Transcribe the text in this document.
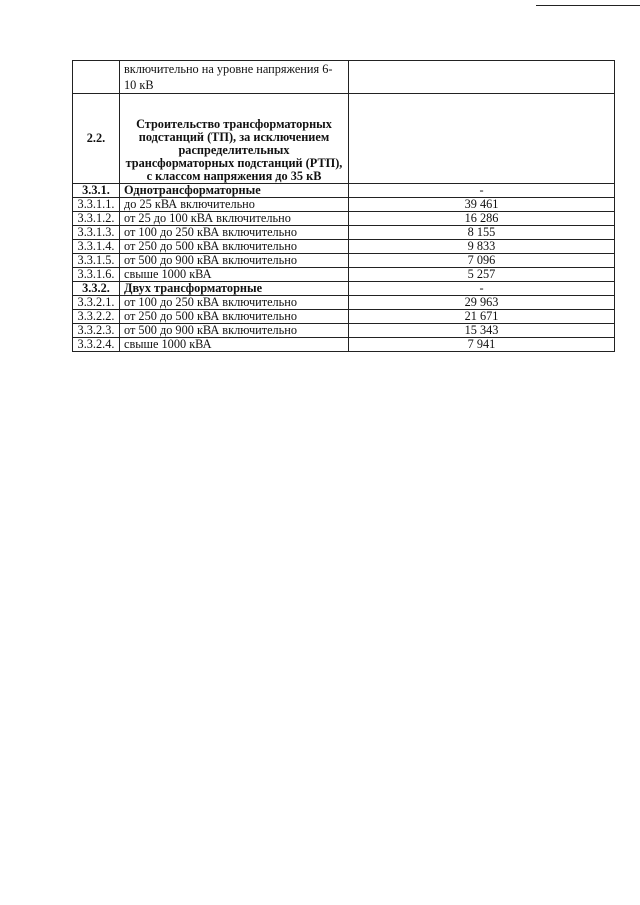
	включительно на уровне напряжения 6-10 кВ	
2.2.	Строительство трансформаторных подстанций (ТП), за исключением распределительных трансформаторных подстанций (РТП), с классом напряжения до 35 кВ	
3.3.1.	Однотрансформаторные	-
3.3.1.1.	до 25 кВА включительно	39 461
3.3.1.2.	от 25 до 100 кВА включительно	16 286
3.3.1.3.	от 100 до 250 кВА включительно	8 155
3.3.1.4.	от 250 до 500 кВА включительно	9 833
3.3.1.5.	от 500 до 900 кВА включительно	7 096
3.3.1.6.	свыше 1000 кВА	5 257
3.3.2.	Двух трансформаторные	-
3.3.2.1.	от 100 до 250 кВА включительно	29 963
3.3.2.2.	от 250 до 500 кВА включительно	21 671
3.3.2.3.	от 500 до 900 кВА включительно	15 343
3.3.2.4.	свыше 1000 кВА	7 941
